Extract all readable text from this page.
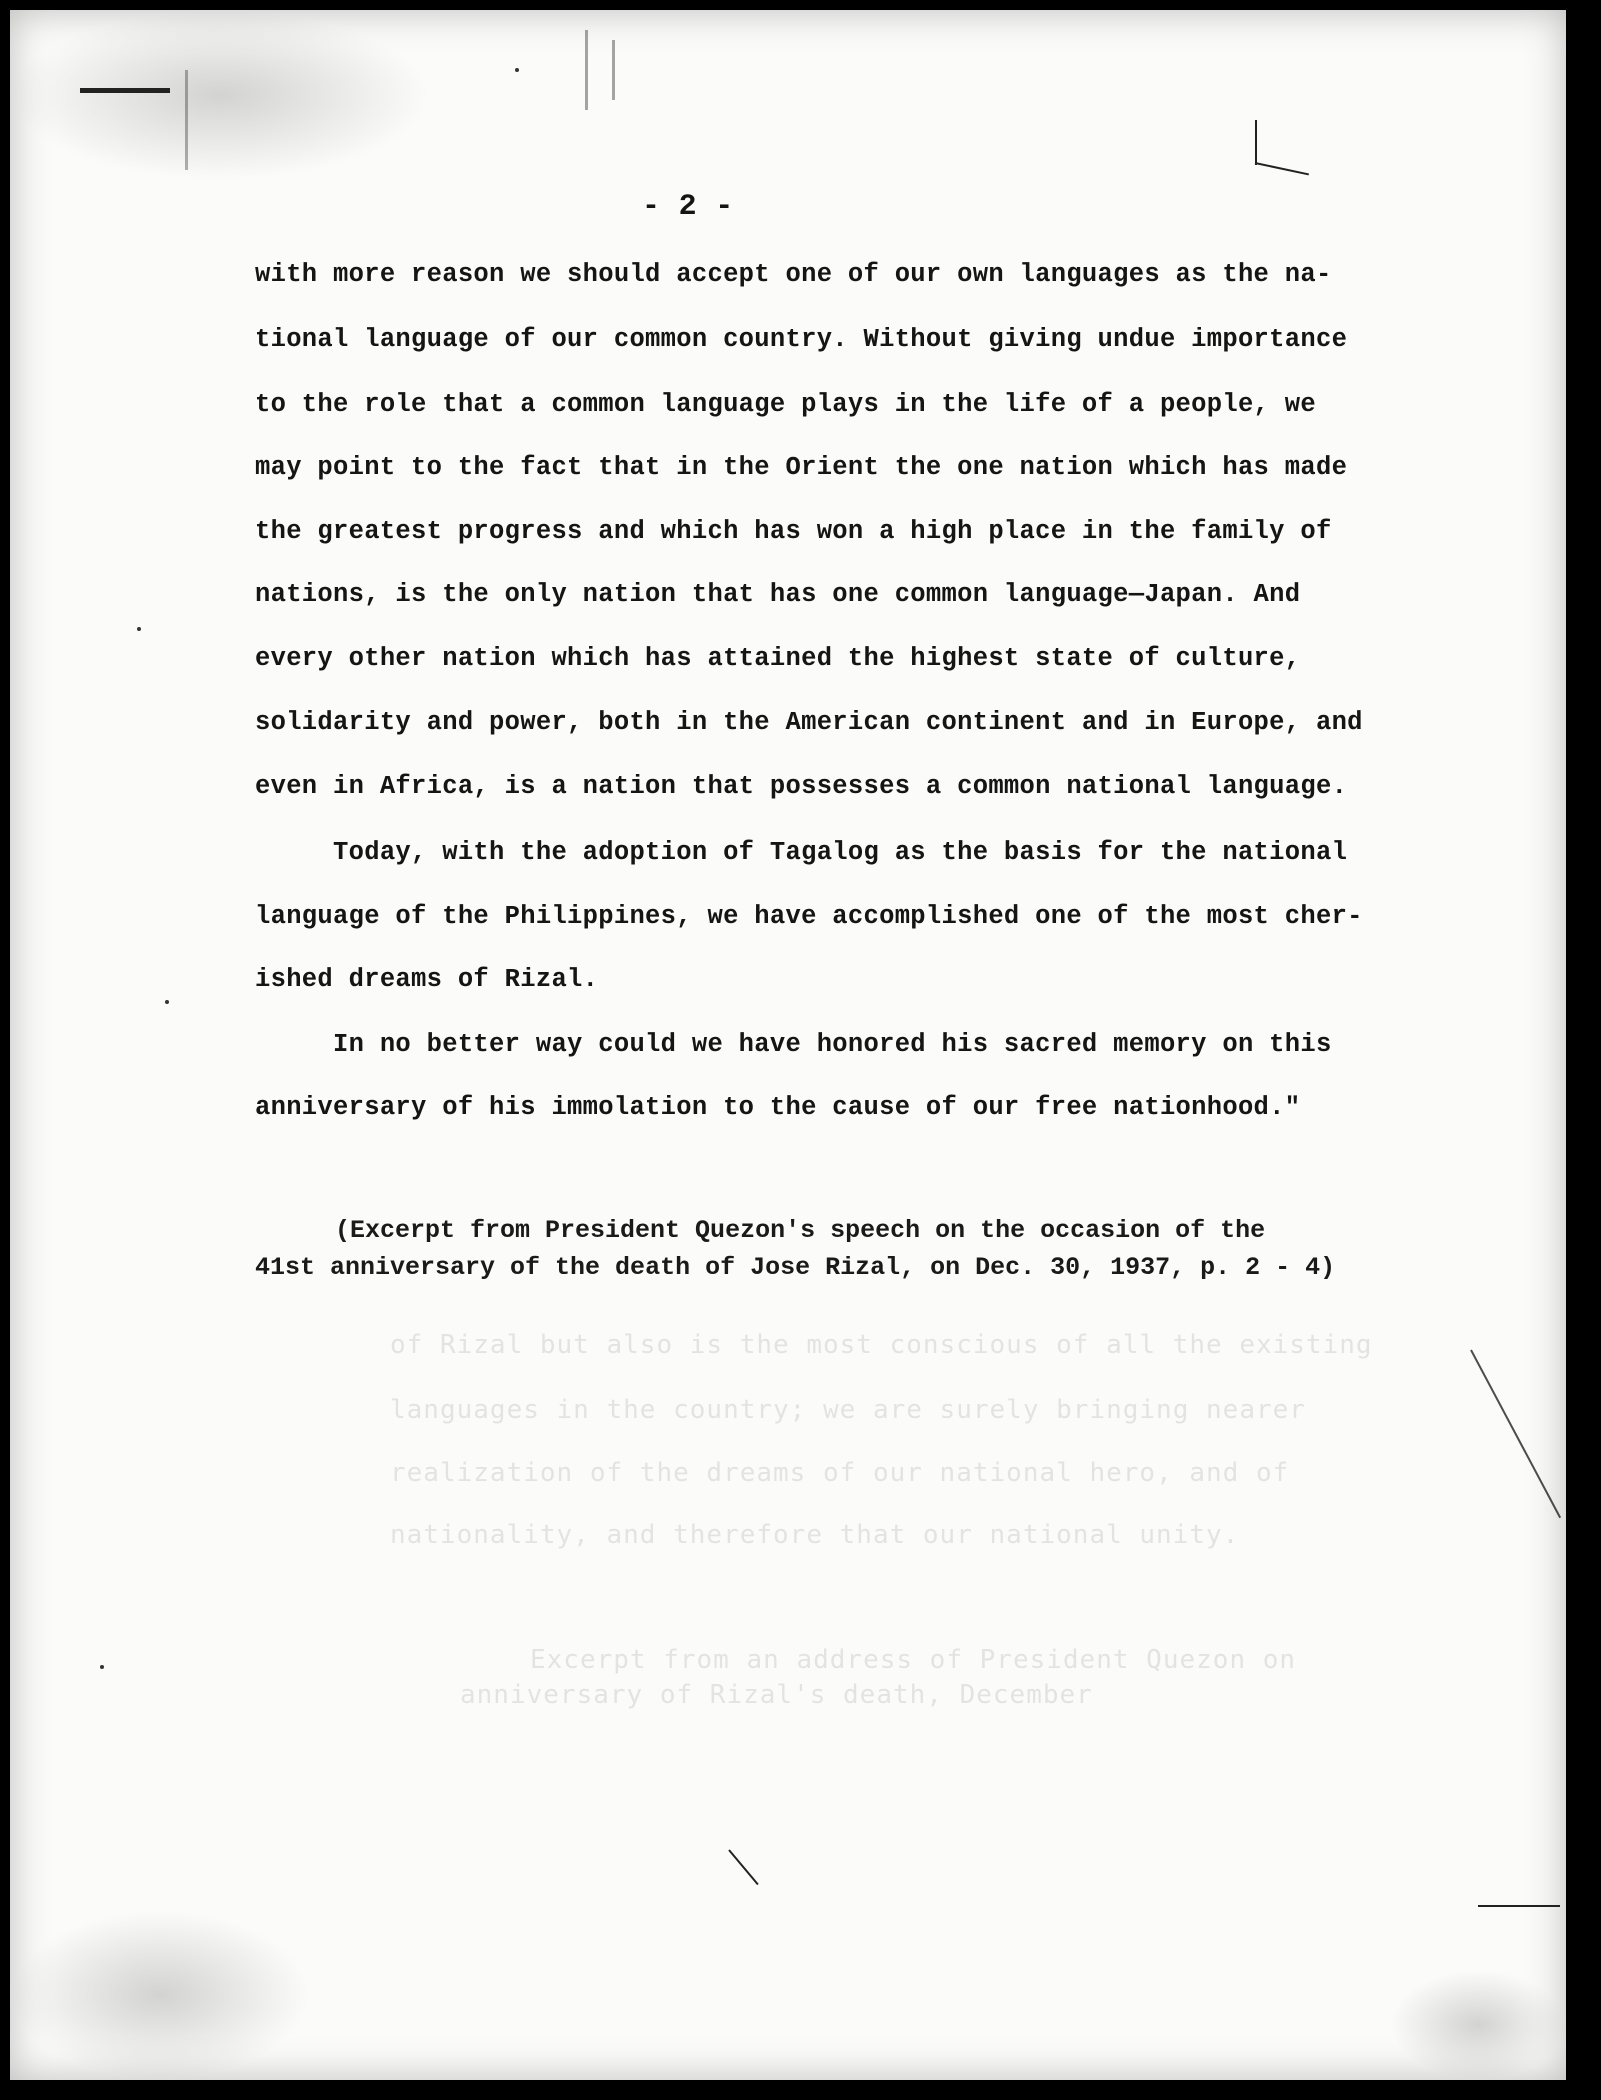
of Rizal but also is the most conscious of all the existing
languages in the country; we are surely bringing nearer
realization of the dreams of our national hero, and of
nationality, and therefore that our national unity.
Excerpt from an address of President Quezon on
anniversary of Rizal's death, December
- 2 -
with more reason we should accept one of our own languages as the na-
tional language of our common country. Without giving undue importance
to the role that a common language plays in the life of a people, we
may point to the fact that in the Orient the one nation which has made
the greatest progress and which has won a high place in the family of
nations, is the only nation that has one common language—Japan. And
every other nation which has attained the highest state of culture,
solidarity and power, both in the American continent and in Europe, and
even in Africa, is a nation that possesses a common national language.
Today, with the adoption of Tagalog as the basis for the national
language of the Philippines, we have accomplished one of the most cher-
ished dreams of Rizal.
In no better way could we have honored his sacred memory on this
anniversary of his immolation to the cause of our free nationhood."
(Excerpt from President Quezon's speech on the occasion of the
41st anniversary of the death of Jose Rizal, on Dec. 30, 1937, p. 2 - 4)
